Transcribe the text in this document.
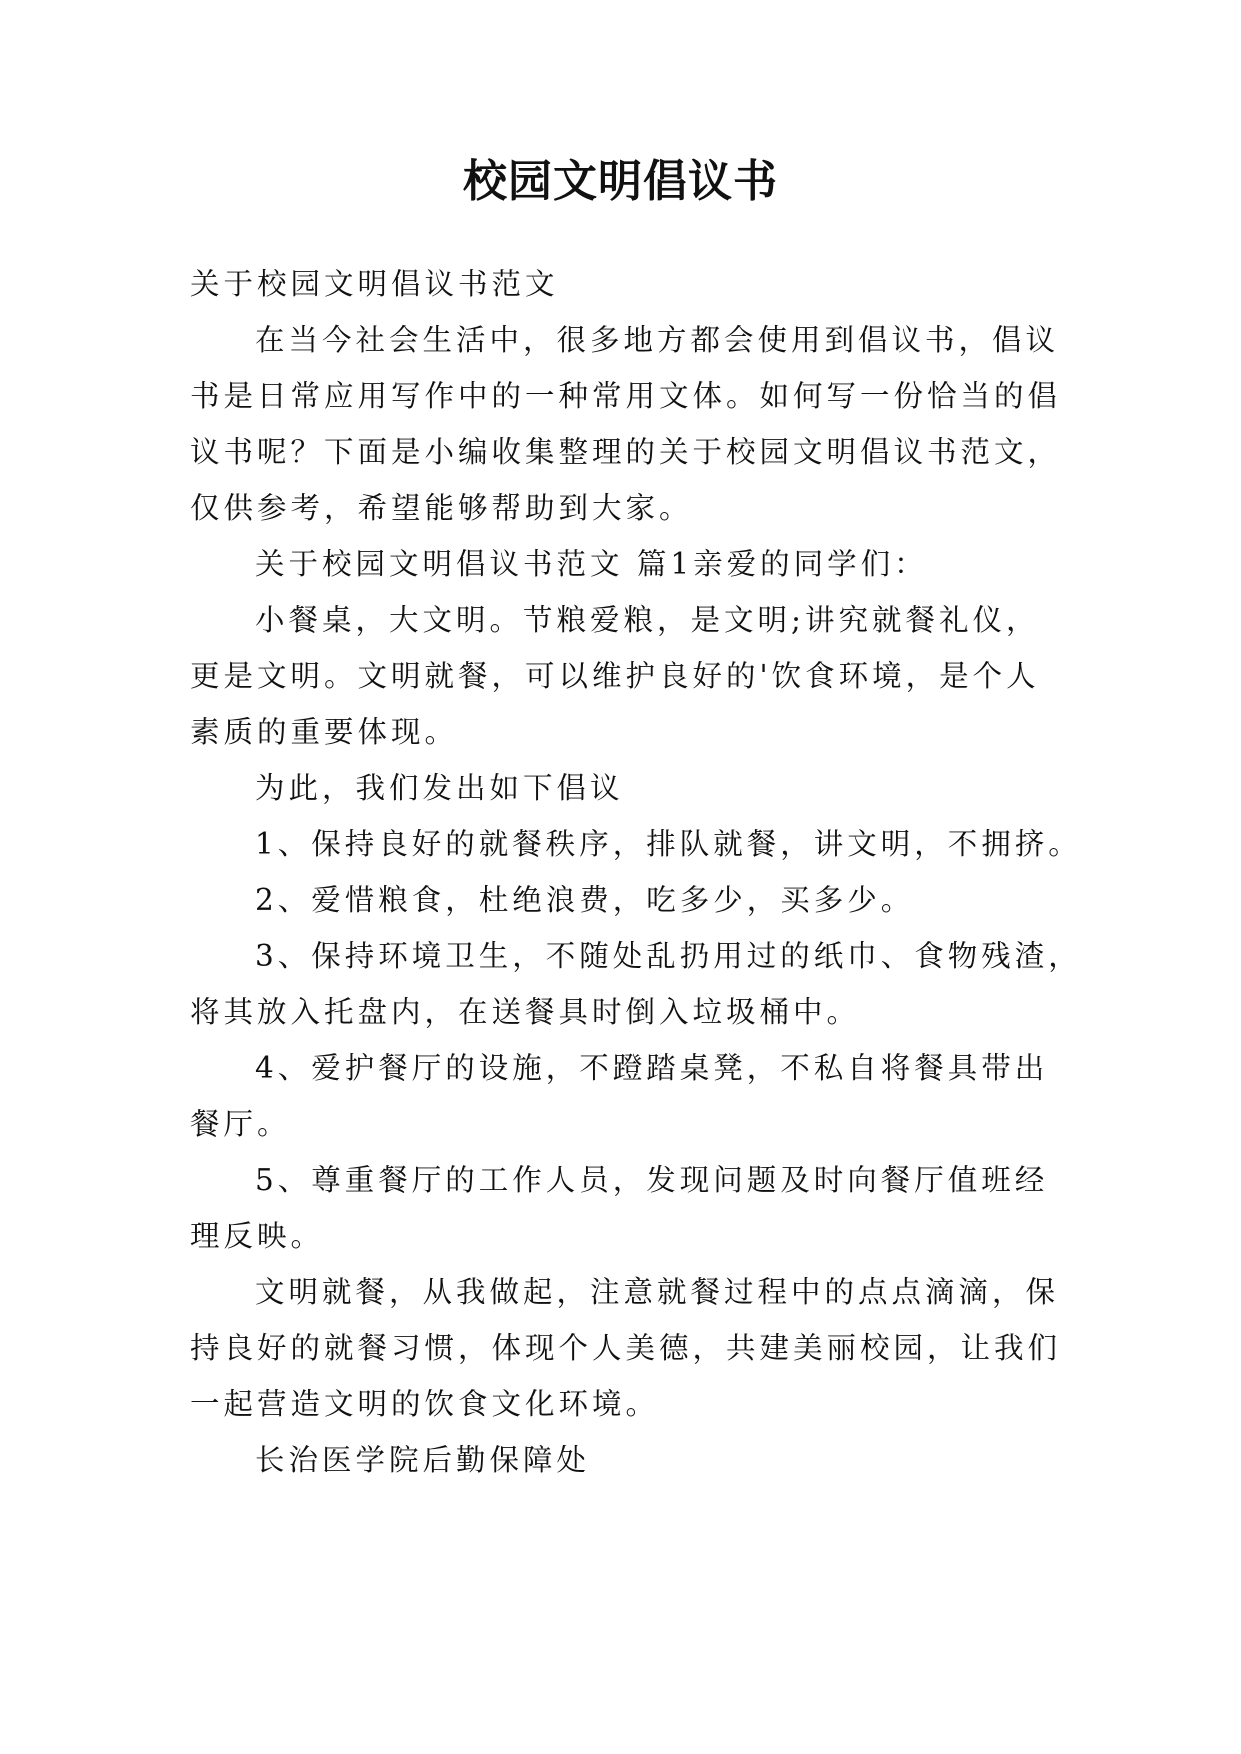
校园文明倡议书
关于校园文明倡议书范文
在当今社会生活中，很多地方都会使用到倡议书，倡议
书是日常应用写作中的一种常用文体。如何写一份恰当的倡
议书呢？下面是小编收集整理的关于校园文明倡议书范文，
仅供参考，希望能够帮助到大家。
关于校园文明倡议书范文 篇1亲爱的同学们：
小餐桌，大文明。节粮爱粮，是文明;讲究就餐礼仪，
更是文明。文明就餐，可以维护良好的'饮食环境，是个人
素质的重要体现。
为此，我们发出如下倡议
1、保持良好的就餐秩序，排队就餐，讲文明，不拥挤。
2、爱惜粮食，杜绝浪费，吃多少，买多少。
3、保持环境卫生，不随处乱扔用过的纸巾、食物残渣，
将其放入托盘内，在送餐具时倒入垃圾桶中。
4、爱护餐厅的设施，不蹬踏桌凳，不私自将餐具带出
餐厅。
5、尊重餐厅的工作人员，发现问题及时向餐厅值班经
理反映。
文明就餐，从我做起，注意就餐过程中的点点滴滴，保
持良好的就餐习惯，体现个人美德，共建美丽校园，让我们
一起营造文明的饮食文化环境。
长治医学院后勤保障处
